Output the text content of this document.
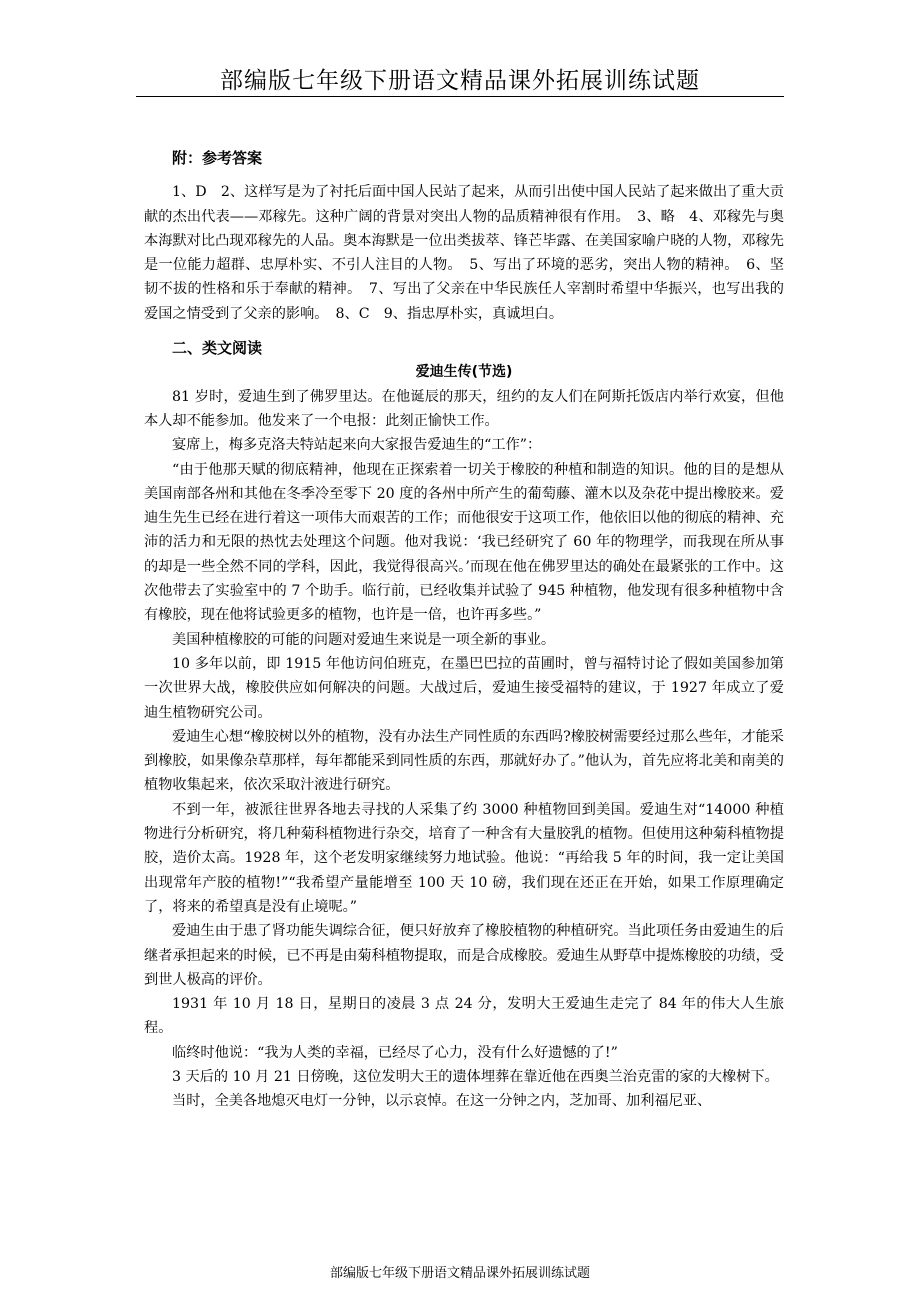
部编版七年级下册语文精品课外拓展训练试题

附：参考答案

1、D　2、这样写是为了衬托后面中国人民站了起来，从而引出使中国人民站了起来做出了重大贡献的杰出代表——邓稼先。这种广阔的背景对突出人物的品质精神很有作用。　3、略　4、邓稼先与奥本海默对比凸现邓稼先的人品。奥本海默是一位出类拔萃、锋芒毕露、在美国家喻户晓的人物，邓稼先是一位能力超群、忠厚朴实、不引人注目的人物。　5、写出了环境的恶劣，突出人物的精神。　6、坚韧不拔的性格和乐于奉献的精神。　7、写出了父亲在中华民族任人宰割时希望中华振兴，也写出我的爱国之情受到了父亲的影响。　8、C　9、指忠厚朴实，真诚坦白。

二、类文阅读

爱迪生传(节选)

81 岁时，爱迪生到了佛罗里达。在他诞辰的那天，纽约的友人们在阿斯托饭店内举行欢宴，但他本人却不能参加。他发来了一个电报：此刻正愉快工作。

宴席上，梅多克洛夫特站起来向大家报告爱迪生的“工作”：

“由于他那天赋的彻底精神，他现在正探索着一切关于橡胶的种植和制造的知识。他的目的是想从美国南部各州和其他在冬季冷至零下 20 度的各州中所产生的葡萄藤、灌木以及杂花中提出橡胶来。爱迪生先生已经在进行着这一项伟大而艰苦的工作；而他很安于这项工作，他依旧以他的彻底的精神、充沛的活力和无限的热忱去处理这个问题。他对我说：‘我已经研究了 60 年的物理学，而我现在所从事的却是一些全然不同的学科，因此，我觉得很高兴。’而现在他在佛罗里达的确处在最紧张的工作中。这次他带去了实验室中的 7 个助手。临行前，已经收集并试验了 945 种植物，他发现有很多种植物中含有橡胶，现在他将试验更多的植物，也许是一倍，也许再多些。”

美国种植橡胶的可能的问题对爱迪生来说是一项全新的事业。

10 多年以前，即 1915 年他访问伯班克，在墨巴巴拉的苗圃时，曾与福特讨论了假如美国参加第一次世界大战，橡胶供应如何解决的问题。大战过后，爱迪生接受福特的建议，于 1927 年成立了爱迪生植物研究公司。

爱迪生心想“橡胶树以外的植物，没有办法生产同性质的东西吗?橡胶树需要经过那么些年，才能采到橡胶，如果像杂草那样，每年都能采到同性质的东西，那就好办了。”他认为，首先应将北美和南美的植物收集起来，依次采取汁液进行研究。

不到一年，被派往世界各地去寻找的人采集了约 3000 种植物回到美国。爱迪生对“14000 种植物进行分析研究，将几种菊科植物进行杂交，培育了一种含有大量胶乳的植物。但使用这种菊科植物提胶，造价太高。1928 年，这个老发明家继续努力地试验。他说：“再给我 5 年的时间，我一定让美国出现常年产胶的植物!”“我希望产量能增至 100 天 10 磅，我们现在还正在开始，如果工作原理确定了，将来的希望真是没有止境呢。”

爱迪生由于患了肾功能失调综合征，便只好放弃了橡胶植物的种植研究。当此项任务由爱迪生的后继者承担起来的时候，已不再是由菊科植物提取，而是合成橡胶。爱迪生从野草中提炼橡胶的功绩，受到世人极高的评价。

1931 年 10 月 18 日，星期日的凌晨 3 点 24 分，发明大王爱迪生走完了 84 年的伟大人生旅程。

临终时他说：“我为人类的幸福，已经尽了心力，没有什么好遗憾的了!”

3 天后的 10 月 21 日傍晚，这位发明大王的遗体埋葬在靠近他在西奥兰治克雷的家的大橡树下。

当时，全美各地熄灭电灯一分钟，以示哀悼。在这一分钟之内，芝加哥、加利福尼亚、

部编版七年级下册语文精品课外拓展训练试题
